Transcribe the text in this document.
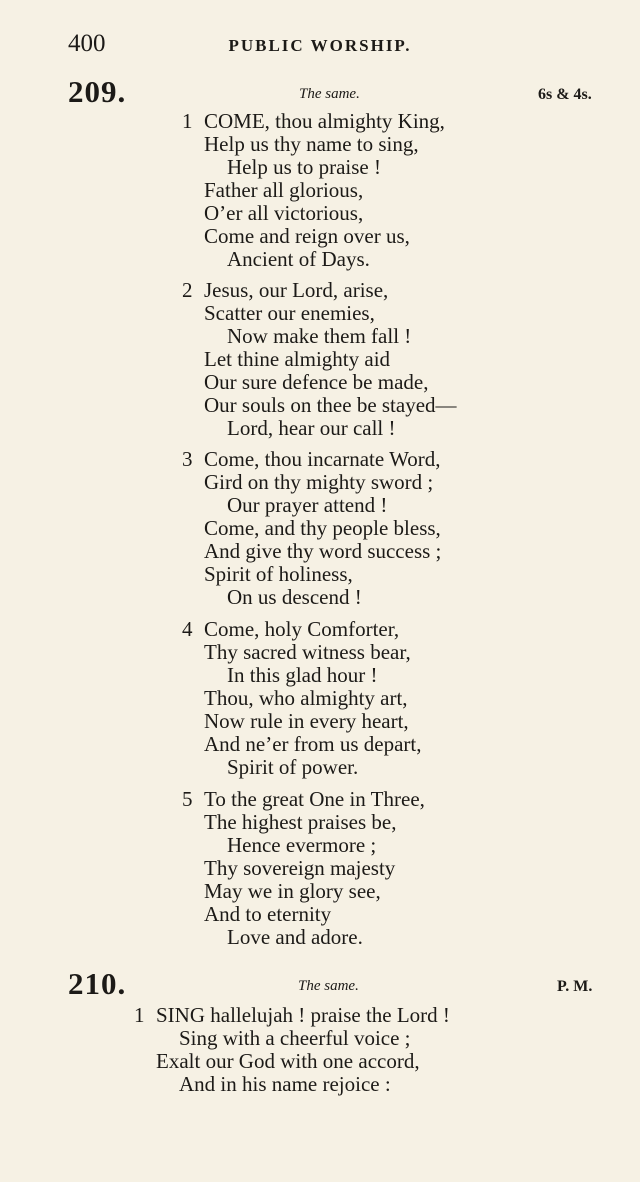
400	PUBLIC WORSHIP.
209.	The same.	6s & 4s.
1 COME, thou almighty King,
Help us thy name to sing,
Help us to praise !
Father all glorious,
O’er all victorious,
Come and reign over us,
Ancient of Days.
2 Jesus, our Lord, arise,
Scatter our enemies,
Now make them fall !
Let thine almighty aid
Our sure defence be made,
Our souls on thee be stayed—
Lord, hear our call !
3 Come, thou incarnate Word,
Gird on thy mighty sword ;
Our prayer attend !
Come, and thy people bless,
And give thy word success ;
Spirit of holiness,
On us descend !
4 Come, holy Comforter,
Thy sacred witness bear,
In this glad hour !
Thou, who almighty art,
Now rule in every heart,
And ne’er from us depart,
Spirit of power.
5 To the great One in Three,
The highest praises be,
Hence evermore ;
Thy sovereign majesty
May we in glory see,
And to eternity
Love and adore.
210.	The same.	P. M.
1 SING hallelujah ! praise the Lord !
Sing with a cheerful voice ;
Exalt our God with one accord,
And in his name rejoice :
